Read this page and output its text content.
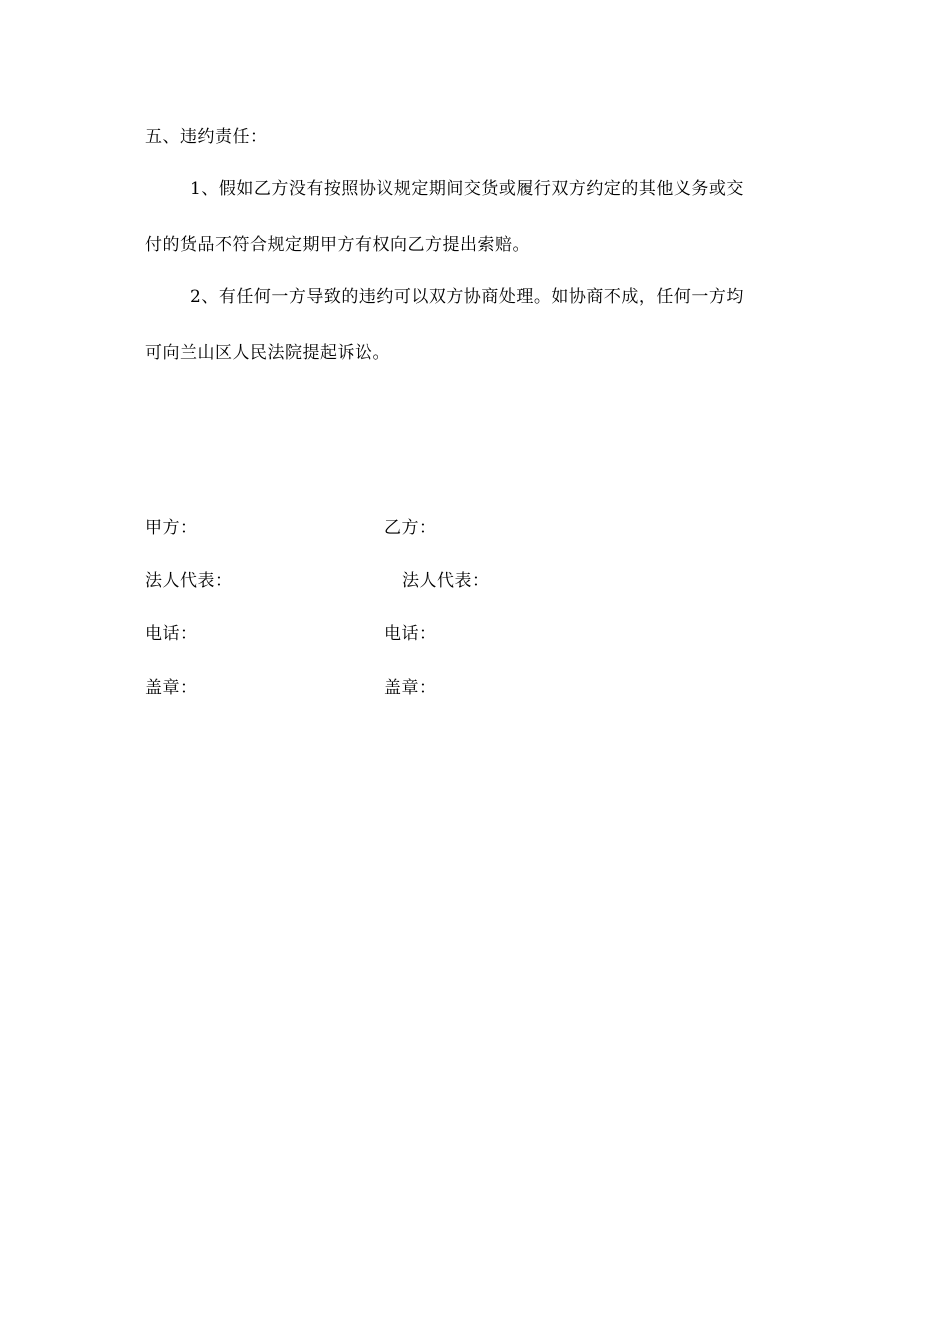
五、违约责任：
1、假如乙方没有按照协议规定期间交货或履行双方约定的其他义务或交
付的货品不符合规定期甲方有权向乙方提出索赔。
2、有任何一方导致的违约可以双方协商处理。如协商不成，任何一方均
可向兰山区人民法院提起诉讼。
甲方：	乙方：
法人代表：	法人代表：
电话：	电话：
盖章：	盖章：
